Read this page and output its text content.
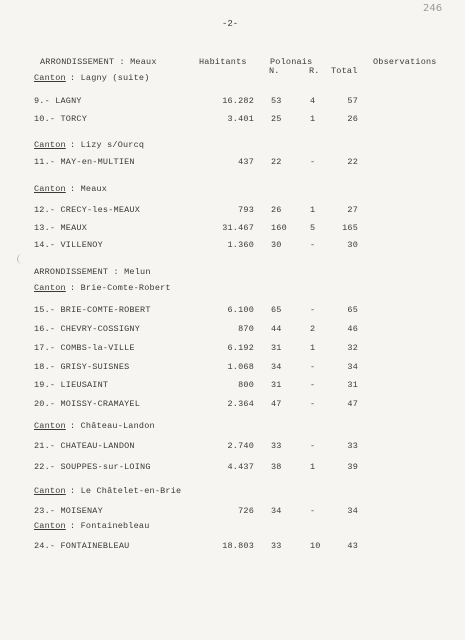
246
-2-
ARRONDISSEMENT : Meaux	Habitants	Polonais
N.	R. Total
Observations
Canton : Lagny (suite)
9.- LAGNY	16.282 53	4	57
10.- TORCY	3.401 25	1	26
Canton : Lizy s/Ourcq
11.- MAY-en-MULTIEN	437 22	-	22
Canton : Meaux
12.- CRECY-les-MEAUX	793 26	1	27
13.- MEAUX	31.467 160	5	165
14.- VILLENOY	1.360 30	-	30
ARRONDISSEMENT : Melun
Canton : Brie-Comte-Robert
15.- BRIE-COMTE-ROBERT	6.100 65	-	65
16.- CHEVRY-COSSIGNY	870 44	2	46
17.- COMBS-la-VILLE	6.192 31	1	32
18.- GRISY-SUISNES	1.068 34	-	34
19.- LIEUSAINT	800 31	-	31
20.- MOISSY-CRAMAYEL	2.364 47	-	47
Canton : Château-Landon
21.- CHATEAU-LANDON	2.740 33	-	33
22.- SOUPPES-sur-LOING	4.437 38	1	39
Canton : Le Châtelet-en-Brie
23.- MOISENAY	726 34	-	34
Canton : Fontainebleau
24.- FONTAINEBLEAU	18.803 33	10	43
